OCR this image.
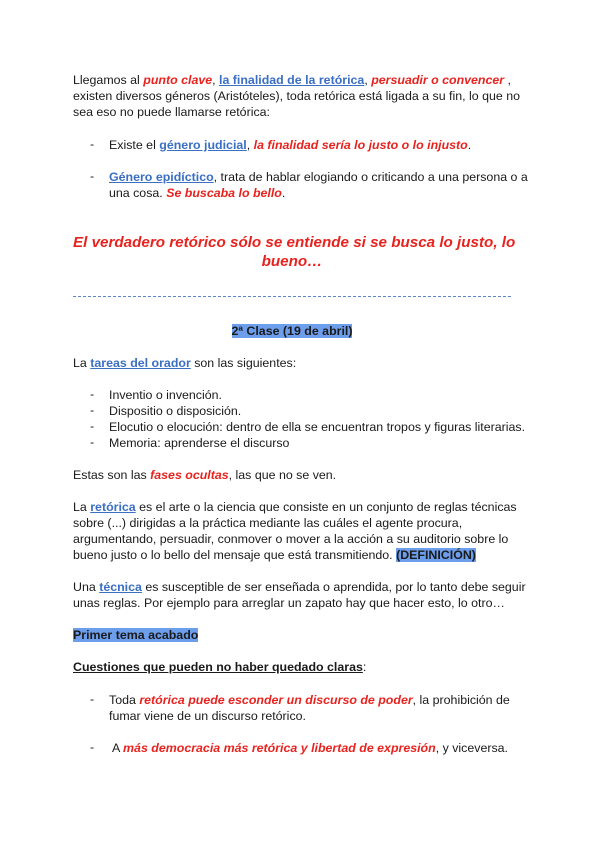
Llegamos al punto clave, la finalidad de la retórica, persuadir o convencer ,
existen diversos géneros (Aristóteles), toda retórica está ligada a su fin, lo que no
sea eso no puede llamarse retórica:
-	Existe el género judicial, la finalidad sería lo justo o lo injusto.
-	Género epidíctico, trata de hablar elogiando o criticando a una persona o a
una cosa. Se buscaba lo bello.
El verdadero retórico sólo se entiende si se busca lo justo, lo
bueno…
2ª Clase (19 de abril)
La tareas del orador son las siguientes:
-	Inventio o invención.
-	Dispositio o disposición.
-	Elocutio o elocución: dentro de ella se encuentran tropos y figuras literarias.
-	Memoria: aprenderse el discurso
Estas son las fases ocultas, las que no se ven.
La retórica es el arte o la ciencia que consiste en un conjunto de reglas técnicas
sobre (...) dirigidas a la práctica mediante las cuáles el agente procura,
argumentando, persuadir, conmover o mover a la acción a su auditorio sobre lo
bueno justo o lo bello del mensaje que está transmitiendo. (DEFINICIÓN)
Una técnica es susceptible de ser enseñada o aprendida, por lo tanto debe seguir
unas reglas. Por ejemplo para arreglar un zapato hay que hacer esto, lo otro…
Primer tema acabado
Cuestiones que pueden no haber quedado claras:
-	Toda retórica puede esconder un discurso de poder, la prohibición de
fumar viene de un discurso retórico.
-	A más democracia más retórica y libertad de expresión, y viceversa.
